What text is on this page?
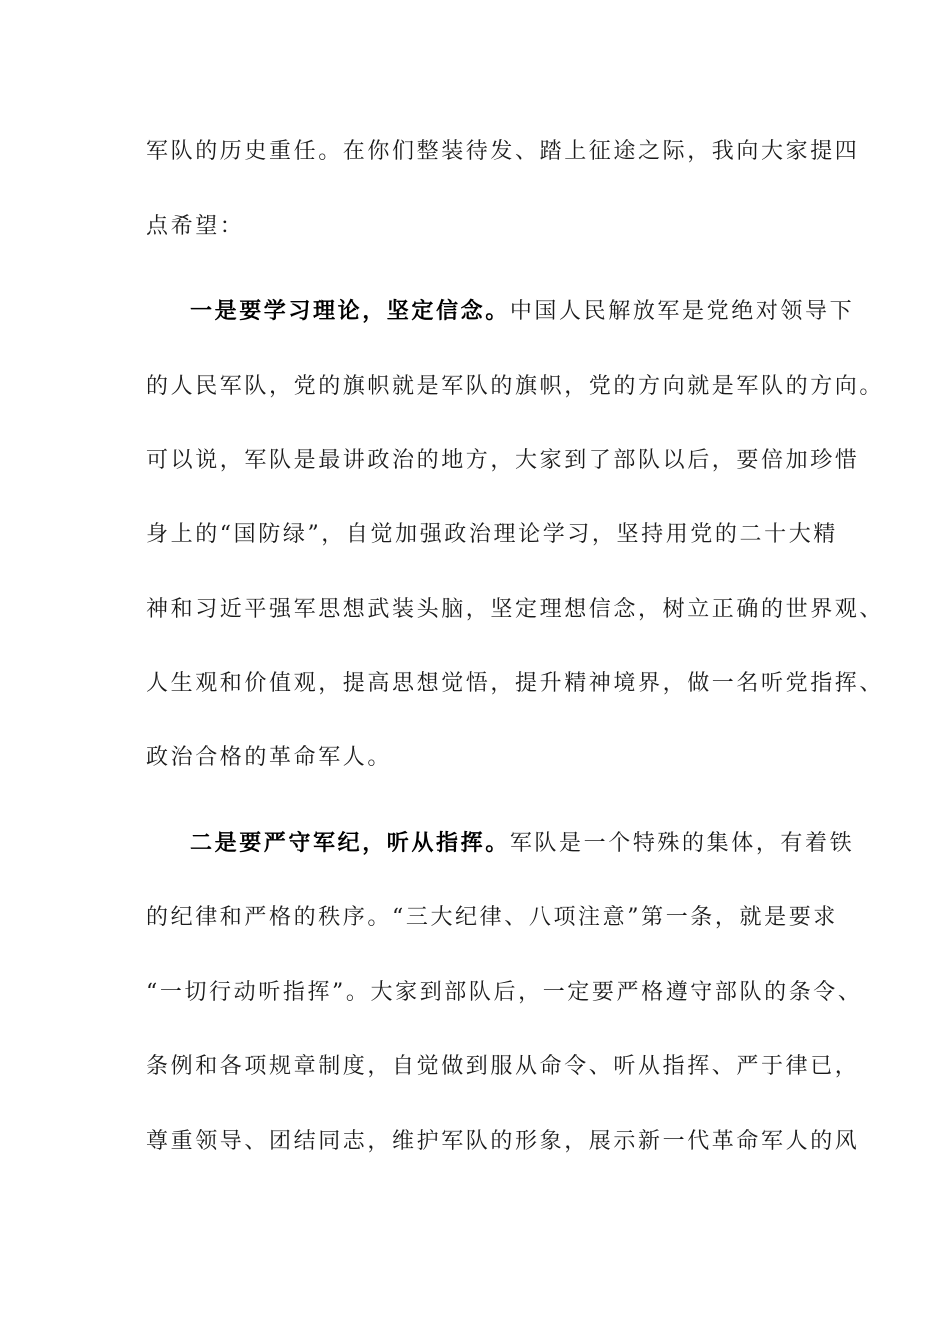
军队的历史重任。在你们整装待发、踏上征途之际，我向大家提四
点希望：
一是要学习理论，坚定信念。中国人民解放军是党绝对领导下
的人民军队，党的旗帜就是军队的旗帜，党的方向就是军队的方向。
可以说，军队是最讲政治的地方，大家到了部队以后，要倍加珍惜
身上的“国防绿”，自觉加强政治理论学习，坚持用党的二十大精
神和习近平强军思想武装头脑，坚定理想信念，树立正确的世界观、
人生观和价值观，提高思想觉悟，提升精神境界，做一名听党指挥、
政治合格的革命军人。
二是要严守军纪，听从指挥。军队是一个特殊的集体，有着铁
的纪律和严格的秩序。“三大纪律、八项注意”第一条，就是要求
“一切行动听指挥”。大家到部队后，一定要严格遵守部队的条令、
条例和各项规章制度，自觉做到服从命令、听从指挥、严于律已，
尊重领导、团结同志，维护军队的形象，展示新一代革命军人的风
